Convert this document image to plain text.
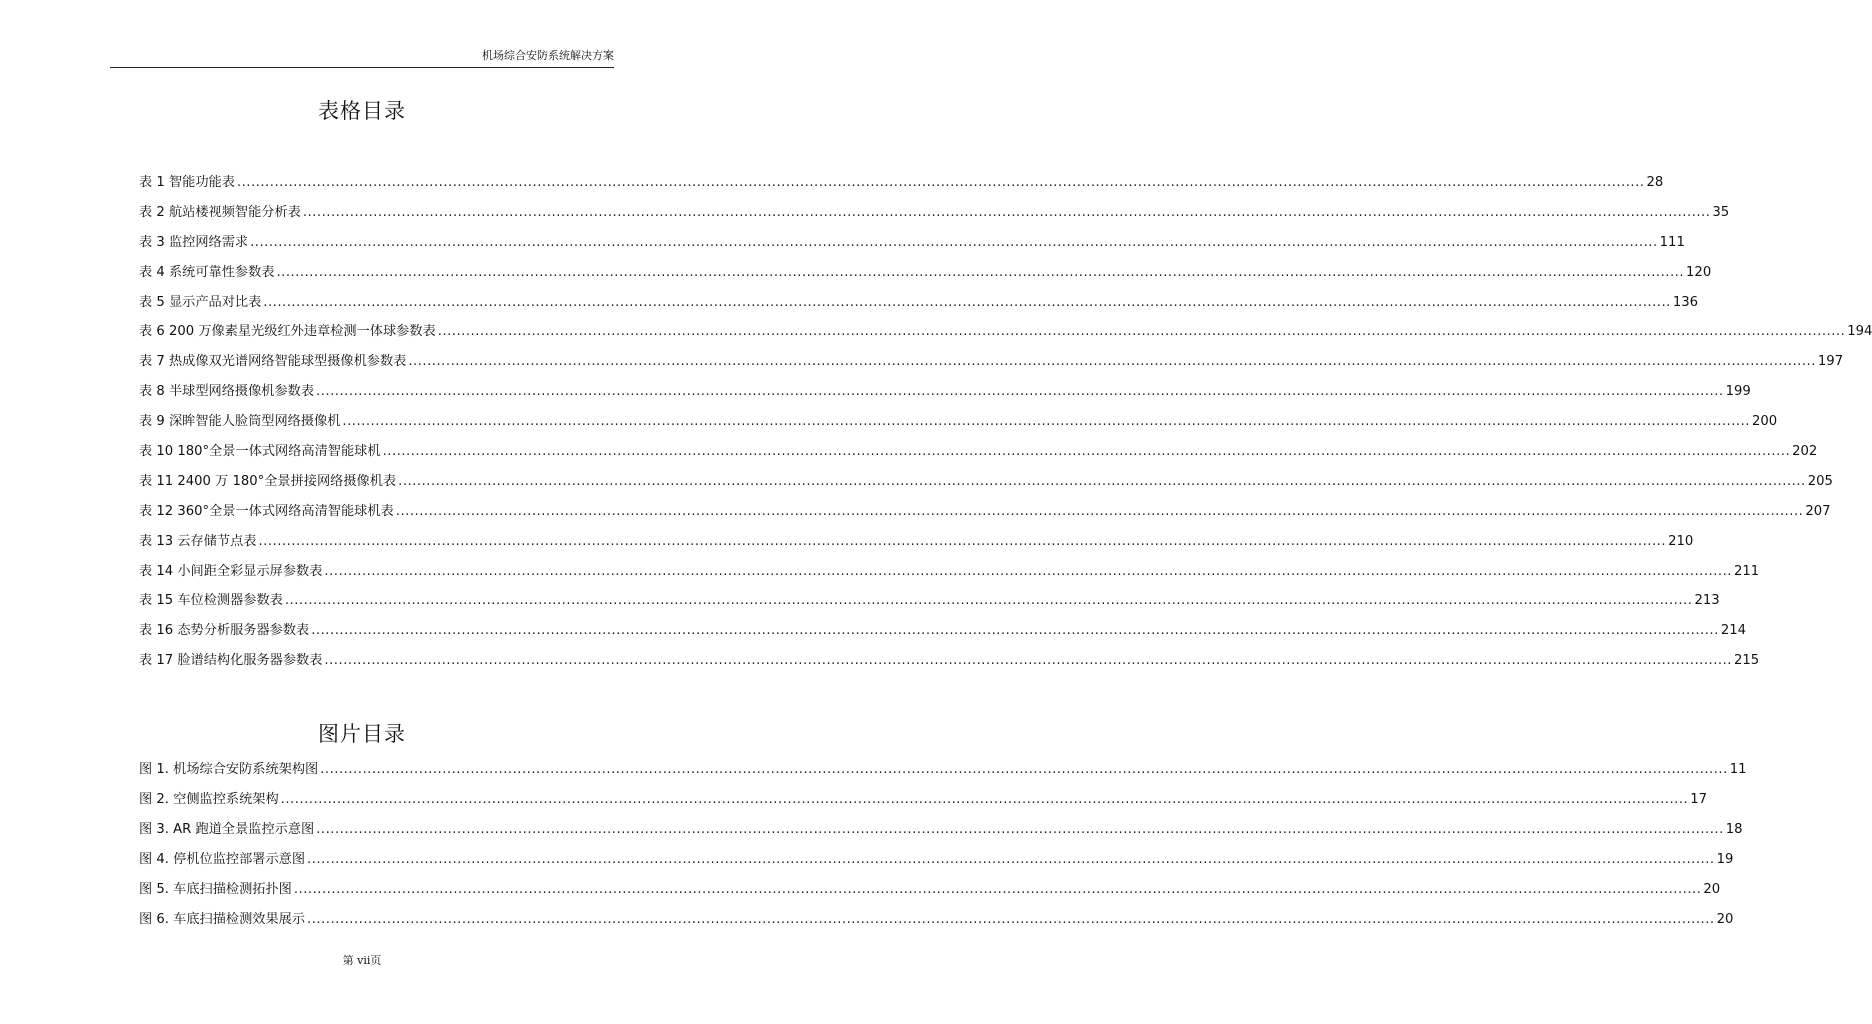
机场综合安防系统解决方案
表格目录
表 1 智能功能表 ............................................................................................................................................................................................................................................................................................................ 28
表 2 航站楼视频智能分析表 ............................................................................................................................................................................................................................................................................................................ 35
表 3 监控网络需求 ............................................................................................................................................................................................................................................................................................................ 111
表 4 系统可靠性参数表 ............................................................................................................................................................................................................................................................................................................ 120
表 5 显示产品对比表 ............................................................................................................................................................................................................................................................................................................ 136
表 6 200 万像素星光级红外违章检测一体球参数表 ............................................................................................................................................................................................................................................................................................................ 194
表 7 热成像双光谱网络智能球型摄像机参数表 ............................................................................................................................................................................................................................................................................................................ 197
表 8 半球型网络摄像机参数表 ............................................................................................................................................................................................................................................................................................................ 199
表 9 深眸智能人脸筒型网络摄像机 ............................................................................................................................................................................................................................................................................................................ 200
表 10 180°全景一体式网络高清智能球机 ............................................................................................................................................................................................................................................................................................................ 202
表 11 2400 万 180°全景拼接网络摄像机表 ............................................................................................................................................................................................................................................................................................................ 205
表 12 360°全景一体式网络高清智能球机表 ............................................................................................................................................................................................................................................................................................................ 207
表 13 云存储节点表 ............................................................................................................................................................................................................................................................................................................ 210
表 14 小间距全彩显示屏参数表 ............................................................................................................................................................................................................................................................................................................ 211
表 15 车位检测器参数表 ............................................................................................................................................................................................................................................................................................................ 213
表 16 态势分析服务器参数表 ............................................................................................................................................................................................................................................................................................................ 214
表 17 脸谱结构化服务器参数表 ............................................................................................................................................................................................................................................................................................................ 215
图片目录
图 1. 机场综合安防系统架构图 ............................................................................................................................................................................................................................................................................................................ 11
图 2. 空侧监控系统架构 ............................................................................................................................................................................................................................................................................................................ 17
图 3. AR 跑道全景监控示意图 ............................................................................................................................................................................................................................................................................................................ 18
图 4. 停机位监控部署示意图 ............................................................................................................................................................................................................................................................................................................ 19
图 5. 车底扫描检测拓扑图 ............................................................................................................................................................................................................................................................................................................ 20
图 6. 车底扫描检测效果展示 ............................................................................................................................................................................................................................................................................................................ 20
第 vii页
